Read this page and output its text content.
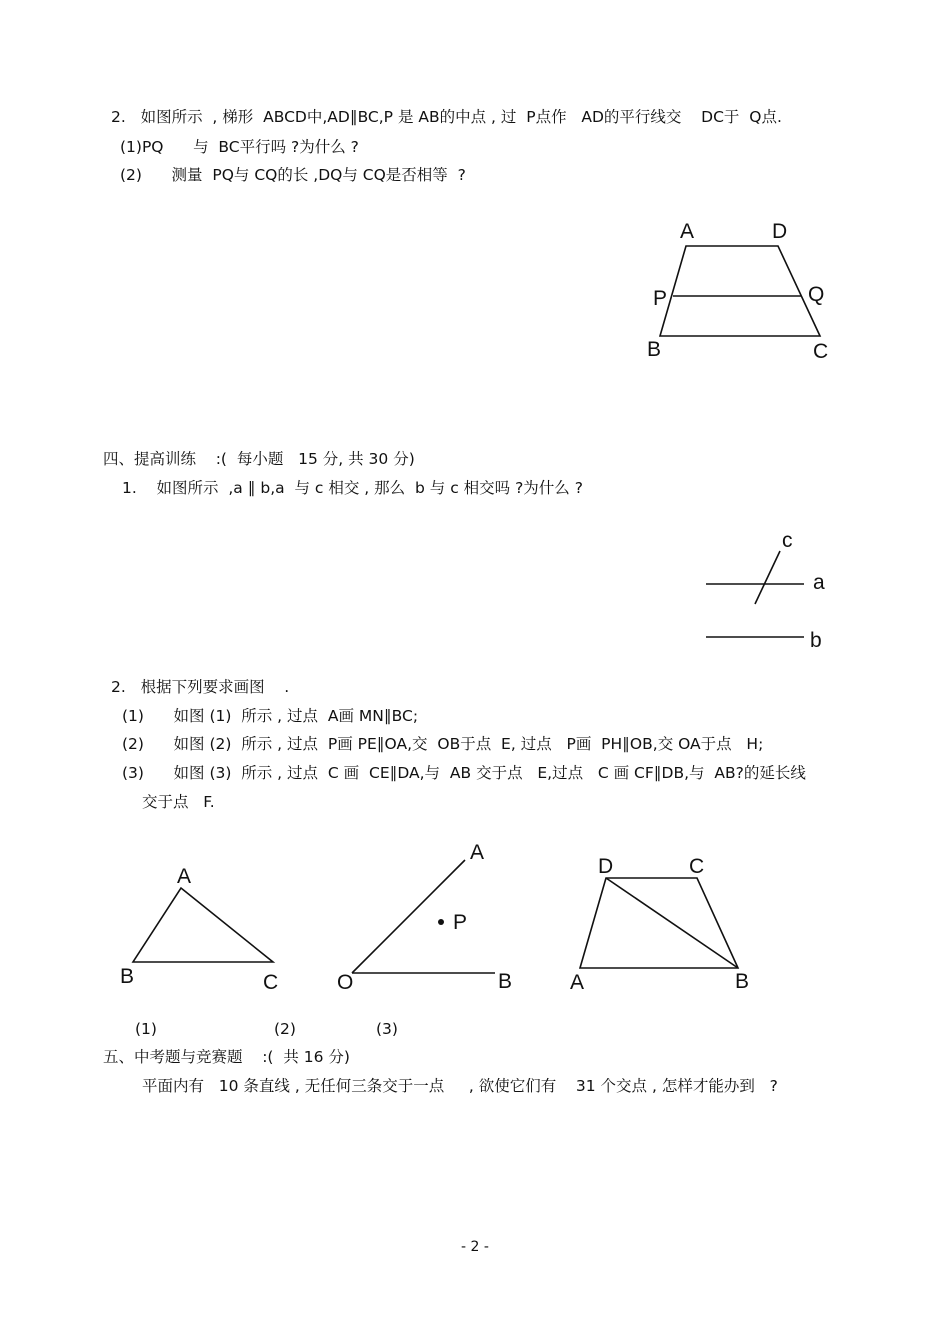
2.   如图所示  , 梯形  ABCD中,AD∥BC,P 是 AB的中点 , 过  P点作   AD的平行线交    DC于  Q点.
(1)PQ      与  BC平行吗 ?为什么 ?
(2)      测量  PQ与 CQ的长 ,DQ与 CQ是否相等  ?
A	D
P	Q
B	C
四、提高训练    :(  每小题   15 分, 共 30 分)
1.    如图所示  ,a ∥ b,a  与 c 相交 , 那么  b 与 c 相交吗 ?为什么 ?
c
a
b
2.   根据下列要求画图    .
(1)      如图 (1)  所示 , 过点  A画 MN∥BC;
(2)      如图 (2)  所示 , 过点  P画 PE∥OA,交  OB于点  E, 过点   P画  PH∥OB,交 OA于点   H;
(3)      如图 (3)  所示 , 过点  C 画  CE∥DA,与  AB 交于点   E,过点   C 画 CF∥DB,与  AB?的延长线
交于点   F.
A
B	C
A
P
O	B
D	C
A	B
(1)	(2)	(3)
五、中考题与竞赛题    :(  共 16 分)
平面内有   10 条直线 , 无任何三条交于一点     , 欲使它们有    31 个交点 , 怎样才能办到   ?
- 2 -
